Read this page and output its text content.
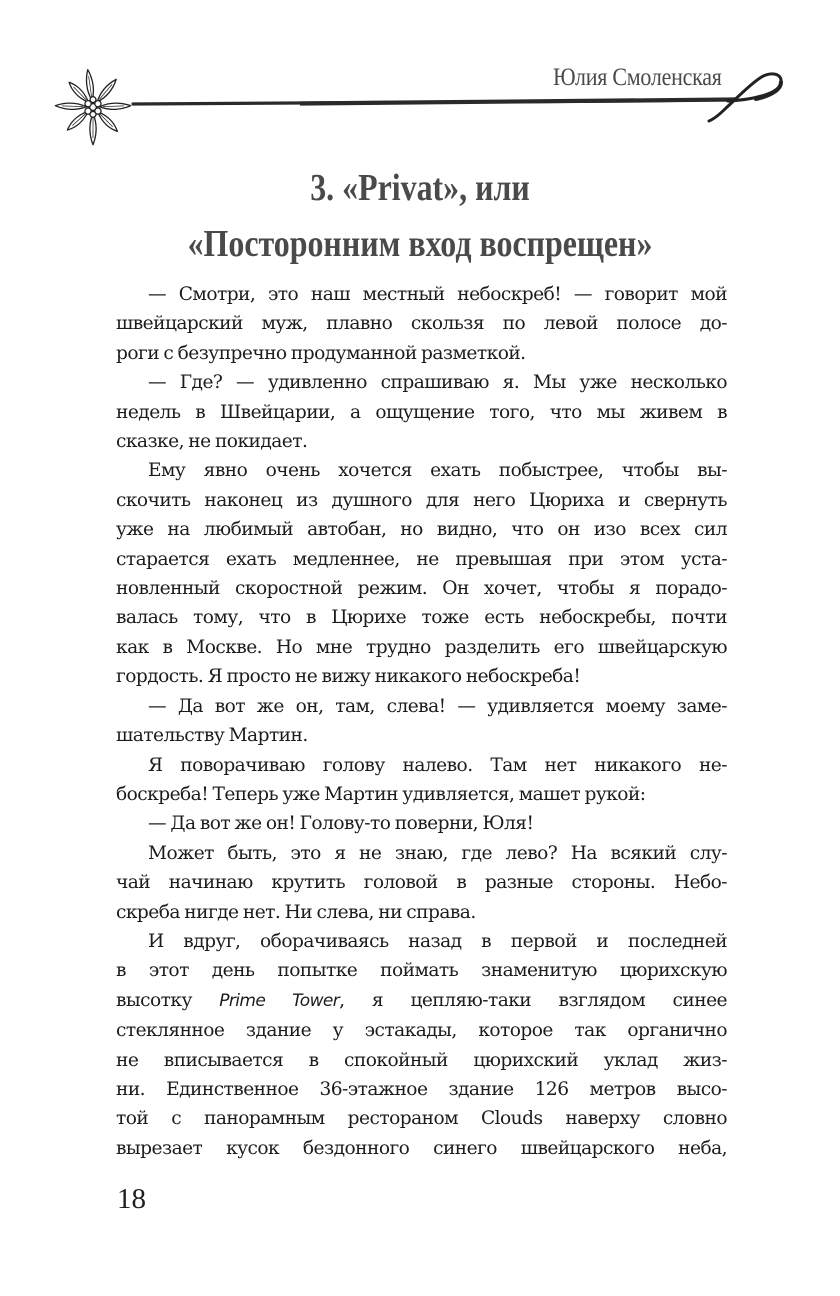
Юлия Смоленская
3. «Privat», или
«Посторонним вход воспрещен»
— Смотри, это наш местный небоскреб! — говорит мой
швейцарский муж, плавно скользя по левой полосе до-
роги с безупречно продуманной разметкой.
— Где? — удивленно спрашиваю я. Мы уже несколько
недель в Швейцарии, а ощущение того, что мы живем в
сказке, не покидает.
Ему явно очень хочется ехать побыстрее, чтобы вы-
скочить наконец из душного для него Цюриха и свернуть
уже на любимый автобан, но видно, что он изо всех сил
старается ехать медленнее, не превышая при этом уста-
новленный скоростной режим. Он хочет, чтобы я порадо-
валась тому, что в Цюрихе тоже есть небоскребы, почти
как в Москве. Но мне трудно разделить его швейцарскую
гордость. Я просто не вижу никакого небоскреба!
— Да вот же он, там, слева! — удивляется моему заме-
шательству Мартин.
Я поворачиваю голову налево. Там нет никакого не-
боскреба! Теперь уже Мартин удивляется, машет рукой:
— Да вот же он! Голову-то поверни, Юля!
Может быть, это я не знаю, где лево? На всякий слу-
чай начинаю крутить головой в разные стороны. Небо-
скреба нигде нет. Ни слева, ни справа.
И вдруг, оборачиваясь назад в первой и последней
в этот день попытке поймать знаменитую цюрихскую
высотку Prime Tower, я цепляю-таки взглядом синее
стеклянное здание у эстакады, которое так органично
не вписывается в спокойный цюрихский уклад жиз-
ни. Единственное 36-этажное здание 126 метров высо-
той с панорамным рестораном Clouds наверху словно
вырезает кусок бездонного синего швейцарского неба,
18
